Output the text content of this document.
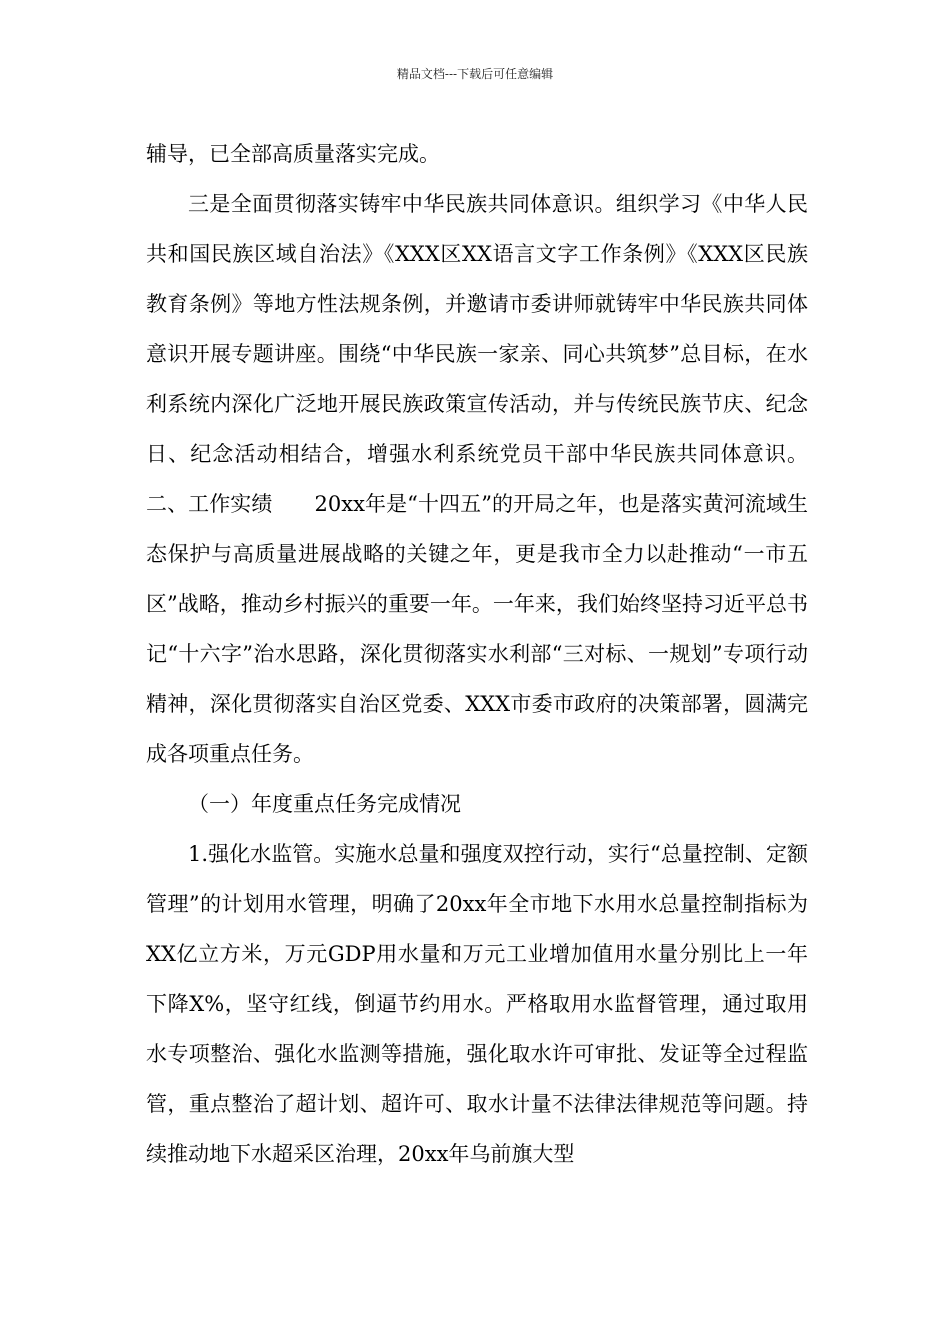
精品文档---下载后可任意编辑

辅导，已全部高质量落实完成。

三是全面贯彻落实铸牢中华民族共同体意识。组织学习《中华人民共和国民族区域自治法》《XXX区XX语言文字工作条例》《XXX区民族教育条例》等地方性法规条例，并邀请市委讲师就铸牢中华民族共同体意识开展专题讲座。围绕“中华民族一家亲、同心共筑梦”总目标，在水利系统内深化广泛地开展民族政策宣传活动，并与传统民族节庆、纪念日、纪念活动相结合，增强水利系统党员干部中华民族共同体意识。二、工作实绩　　20xx年是“十四五”的开局之年，也是落实黄河流域生态保护与高质量进展战略的关键之年，更是我市全力以赴推动“一市五区”战略，推动乡村振兴的重要一年。一年来，我们始终坚持习近平总书记“十六字”治水思路，深化贯彻落实水利部“三对标、一规划”专项行动精神，深化贯彻落实自治区党委、XXX市委市政府的决策部署，圆满完成各项重点任务。

（一）年度重点任务完成情况

1.强化水监管。实施水总量和强度双控行动，实行“总量控制、定额管理”的计划用水管理，明确了20xx年全市地下水用水总量控制指标为XX亿立方米，万元GDP用水量和万元工业增加值用水量分别比上一年下降X%，坚守红线，倒逼节约用水。严格取用水监督管理，通过取用水专项整治、强化水监测等措施，强化取水许可审批、发证等全过程监管，重点整治了超计划、超许可、取水计量不法律法律规范等问题。持续推动地下水超采区治理，20xx年乌前旗大型
